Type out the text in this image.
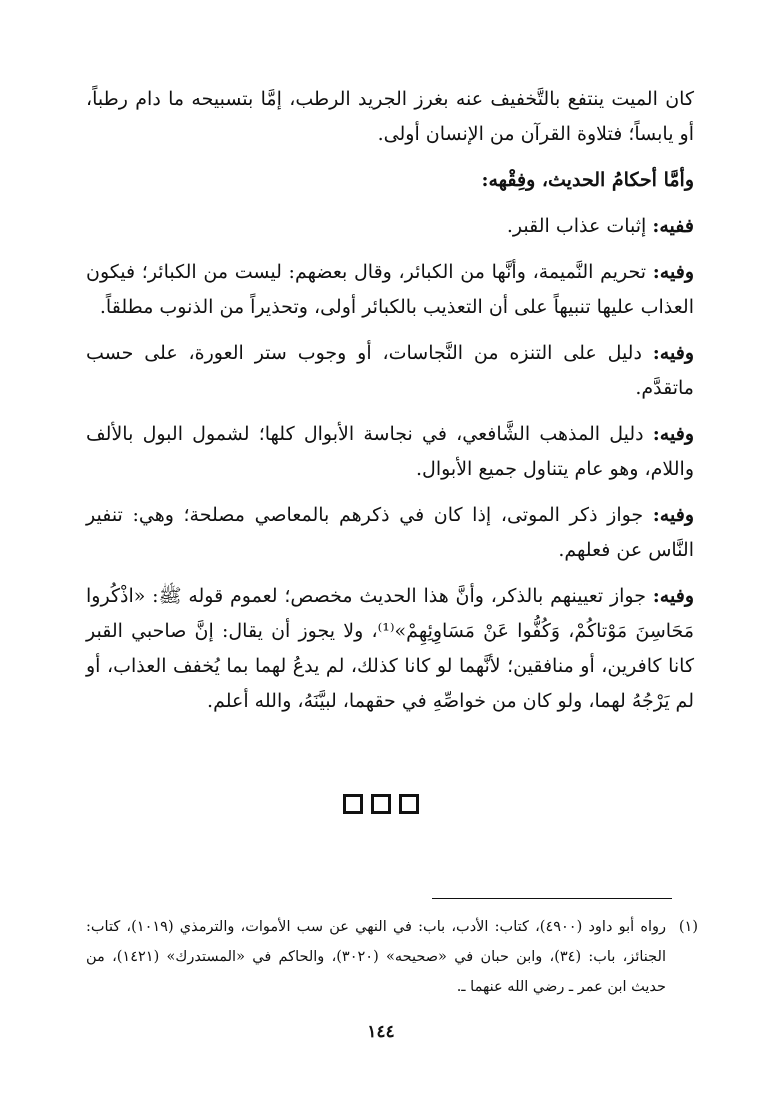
كان الميت ينتفع بالتَّخفيف عنه بغرز الجريد الرطب، إمَّا بتسبيحه ما دام رطباً، أو يابساً؛ فتلاوة القرآن من الإنسان أولى.

وأمَّا أحكامُ الحديث، وفِقْهه:

ففيه: إثبات عذاب القبر.

وفيه: تحريم النَّميمة، وأنَّها من الكبائر، وقال بعضهم: ليست من الكبائر؛ فيكون العذاب عليها تنبيهاً على أن التعذيب بالكبائر أولى، وتحذيراً من الذنوب مطلقاً.

وفيه: دليل على التنزه من النَّجاسات، أو وجوب ستر العورة، على حسب ماتقدَّم.

وفيه: دليل المذهب الشَّافعي، في نجاسة الأبوال كلها؛ لشمول البول بالألف واللام، وهو عام يتناول جميع الأبوال.

وفيه: جواز ذكر الموتى، إذا كان في ذكرهم بالمعاصي مصلحة؛ وهي: تنفير النَّاس عن فعلهم.

وفيه: جواز تعيينهم بالذكر، وأنَّ هذا الحديث مخصص؛ لعموم قوله ﷺ: «اذْكُروا مَحَاسِنَ مَوْتاكُمْ، وَكُفُّوا عَنْ مَسَاوِئِهِمْ»⁽¹⁾، ولا يجوز أن يقال: إنَّ صاحبي القبر كانا كافرين، أو منافقين؛ لأنَّهما لو كانا كذلك، لم يدعُ لهما بما يُخفف العذاب، أو لم يَرْجُهُ لهما، ولو كان من خواصِّهِ في حقهما، لبيَّنَهُ، والله أعلم.

(١)
رواه أبو داود (٤٩٠٠)، كتاب: الأدب، باب: في النهي عن سب الأموات، والترمذي (١٠١٩)، كتاب: الجنائز، باب: (٣٤)، وابن حبان في «صحيحه» (٣٠٢٠)، والحاكم في «المستدرك» (١٤٢١)، من حديث ابن عمر ـ رضي الله عنهما ـ.
١٤٤
